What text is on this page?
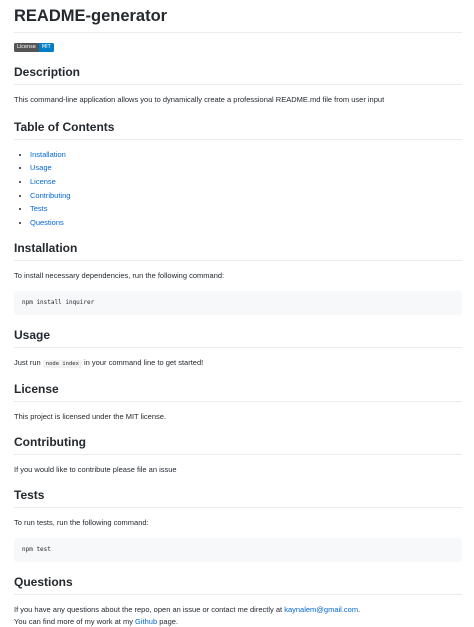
README-generator
License	MIT
Description

This command-line application allows you to dynamically create a professional README.md file from user input

Table of Contents
• Installation
• Usage
• License
• Contributing
• Tests
• Questions
Installation

To install necessary dependencies, run the following command:

npm install inquirer
Usage

Just run node index in your command line to get started!

License

This project is licensed under the MIT license.

Contributing

If you would like to contribute please file an issue

Tests

To run tests, run the following command:

npm test
Questions

If you have any questions about the repo, open an issue or contact me directly at kaynalem@gmail.com.

You can find more of my work at my Github page.
